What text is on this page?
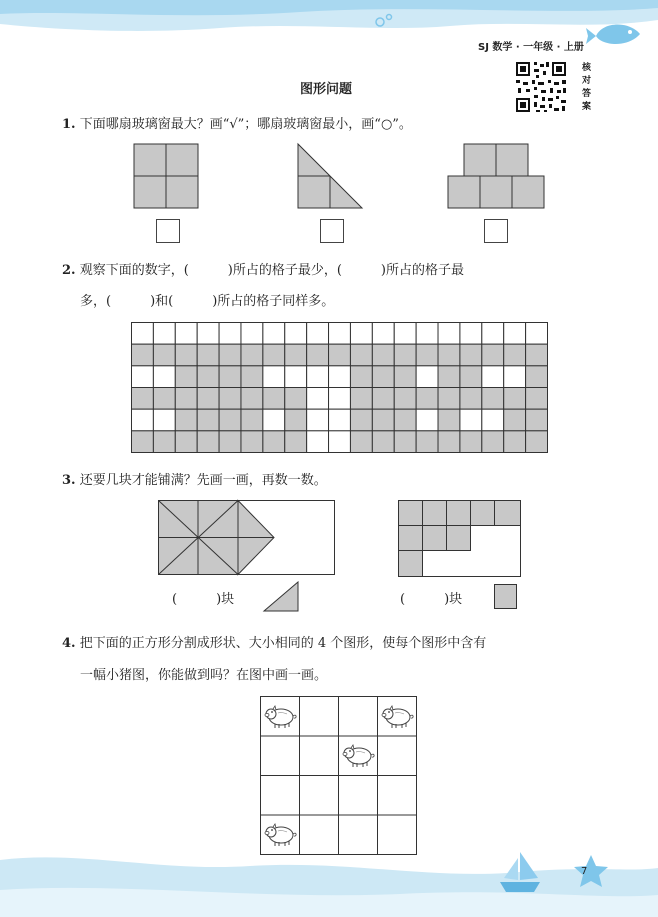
SJ 数学 · 一年级 · 上册
核
对
答
案
图形问题
1. 下面哪扇玻璃窗最大？画“√”；哪扇玻璃窗最小，画“○”。
2. 观察下面的数字，(　　　)所占的格子最少，(　　　)所占的格子最
多，(　　　)和(　　　)所占的格子同样多。
3. 还要几块才能铺满？先画一画，再数一数。
(　　　)块	(　　　)块
4. 把下面的正方形分割成形状、大小相同的 4 个图形，使每个图形中含有
一幅小猪图，你能做到吗？在图中画一画。
7
